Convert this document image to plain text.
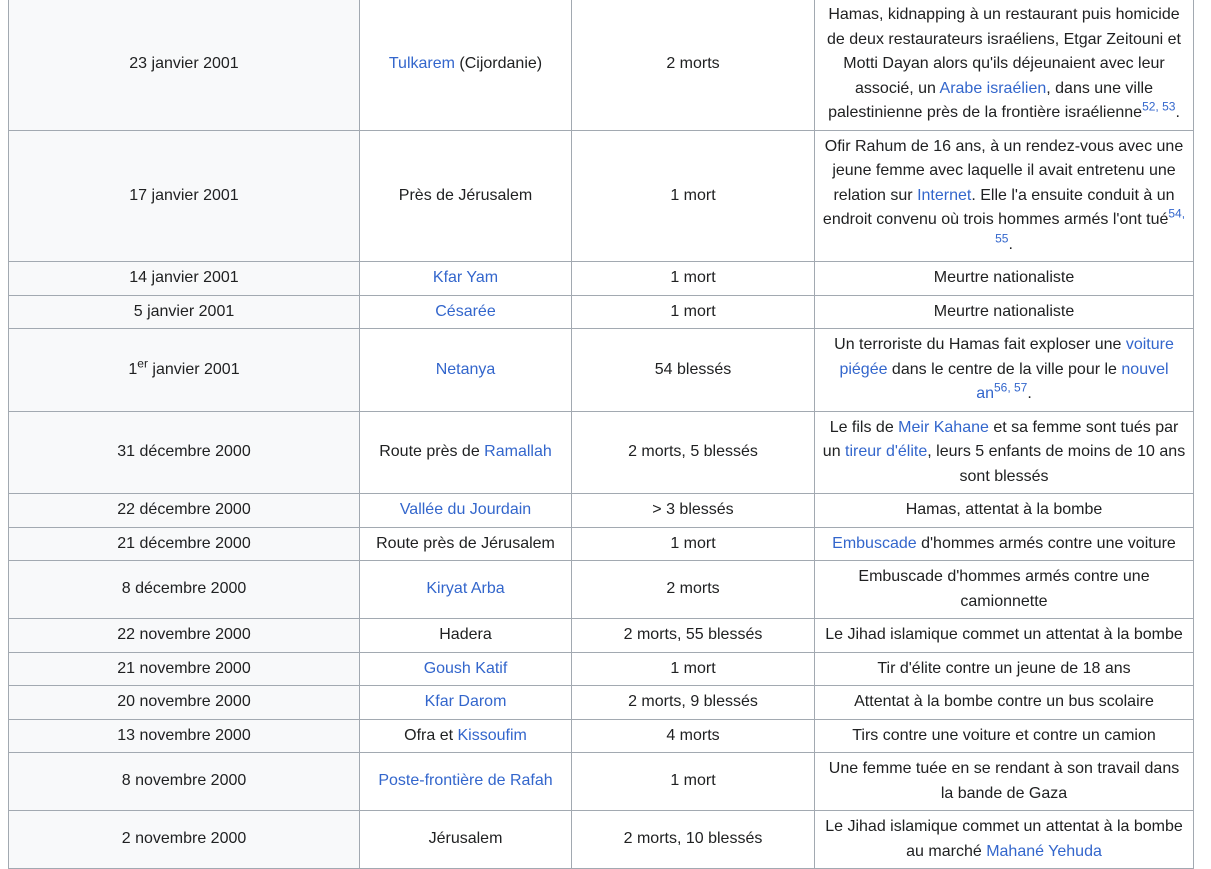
23 janvier 2001	Tulkarem (Cijordanie)	2 morts	Hamas, kidnapping à un restaurant puis homicide de deux restaurateurs israéliens, Etgar Zeitouni et Motti Dayan alors qu'ils déjeunaient avec leur associé, un Arabe israélien, dans une ville palestinienne près de la frontière israélienne$^{52, 53}$.
17 janvier 2001	Près de Jérusalem	1 mort	Ofir Rahum de 16 ans, à un rendez-vous avec une jeune femme avec laquelle il avait entretenu une relation sur Internet. Elle l'a ensuite conduit à un endroit convenu où trois hommes armés l'ont tué$^{54, 55}$.
14 janvier 2001	Kfar Yam	1 mort	Meurtre nationaliste
5 janvier 2001	Césarée	1 mort	Meurtre nationaliste
1er janvier 2001	Netanya	54 blessés	Un terroriste du Hamas fait exploser une voiture piégée dans le centre de la ville pour le nouvel an$^{56, 57}$.
31 décembre 2000	Route près de Ramallah	2 morts, 5 blessés	Le fils de Meir Kahane et sa femme sont tués par un tireur d'élite, leurs 5 enfants de moins de 10 ans sont blessés
22 décembre 2000	Vallée du Jourdain	> 3 blessés	Hamas, attentat à la bombe
21 décembre 2000	Route près de Jérusalem	1 mort	Embuscade d'hommes armés contre une voiture
8 décembre 2000	Kiryat Arba	2 morts	Embuscade d'hommes armés contre une camionnette
22 novembre 2000	Hadera	2 morts, 55 blessés	Le Jihad islamique commet un attentat à la bombe
21 novembre 2000	Goush Katif	1 mort	Tir d'élite contre un jeune de 18 ans
20 novembre 2000	Kfar Darom	2 morts, 9 blessés	Attentat à la bombe contre un bus scolaire
13 novembre 2000	Ofra et Kissoufim	4 morts	Tirs contre une voiture et contre un camion
8 novembre 2000	Poste-frontière de Rafah	1 mort	Une femme tuée en se rendant à son travail dans la bande de Gaza
2 novembre 2000	Jérusalem	2 morts, 10 blessés	Le Jihad islamique commet un attentat à la bombe au marché Mahané Yehuda
